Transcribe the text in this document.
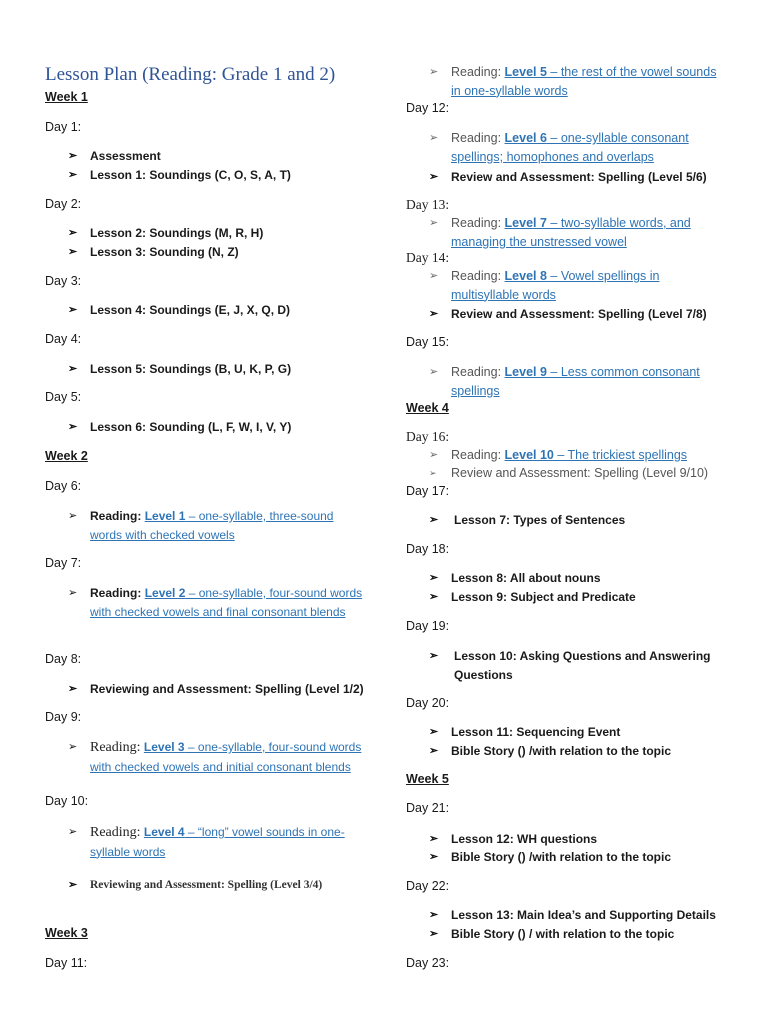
Lesson Plan (Reading: Grade 1 and 2)
Week 1
Day 1:
➢ Assessment
➢ Lesson 1: Soundings (C, O, S, A, T)
Day 2:
➢ Lesson 2: Soundings (M, R, H)
➢ Lesson 3: Sounding (N, Z)
Day 3:
➢ Lesson 4: Soundings (E, J, X, Q, D)
Day 4:
➢ Lesson 5: Soundings (B, U, K, P, G)
Day 5:
➢ Lesson 6: Sounding (L, F, W, I, V, Y)
Week 2
Day 6:
➢ Reading: Level 1 – one-syllable, three-sound words with checked vowels
Day 7:
➢ Reading: Level 2 – one-syllable, four-sound words with checked vowels and final consonant blends
Day 8:
➢ Reviewing and Assessment: Spelling (Level 1/2)
Day 9:
➢ Reading: Level 3 – one-syllable, four-sound words with checked vowels and initial consonant blends
Day 10:
➢ Reading: Level 4 – “long” vowel sounds in one-syllable words
➢ Reviewing and Assessment: Spelling (Level 3/4)
Week 3
Day 11:
➢ Reading: Level 5 – the rest of the vowel sounds in one-syllable words
Day 12:
➢ Reading: Level 6 – one-syllable consonant spellings; homophones and overlaps
➢ Review and Assessment: Spelling (Level 5/6)
Day 13:
➢ Reading: Level 7 – two-syllable words, and managing the unstressed vowel
Day 14:
➢ Reading: Level 8 – Vowel spellings in multisyllable words
➢ Review and Assessment: Spelling (Level 7/8)
Day 15:
➢ Reading: Level 9 – Less common consonant spellings
Week 4
Day 16:
➢ Reading: Level 10 – The trickiest spellings
➢ Review and Assessment: Spelling (Level 9/10)
Day 17:
➢ Lesson 7: Types of Sentences
Day 18:
➢ Lesson 8: All about nouns
➢ Lesson 9: Subject and Predicate
Day 19:
➢ Lesson 10: Asking Questions and Answering Questions
Day 20:
➢ Lesson 11: Sequencing Event
➢ Bible Story () /with relation to the topic
Week 5
Day 21:
➢ Lesson 12: WH questions
➢ Bible Story () /with relation to the topic
Day 22:
➢ Lesson 13: Main Idea’s and Supporting Details
➢ Bible Story () / with relation to the topic
Day 23:
